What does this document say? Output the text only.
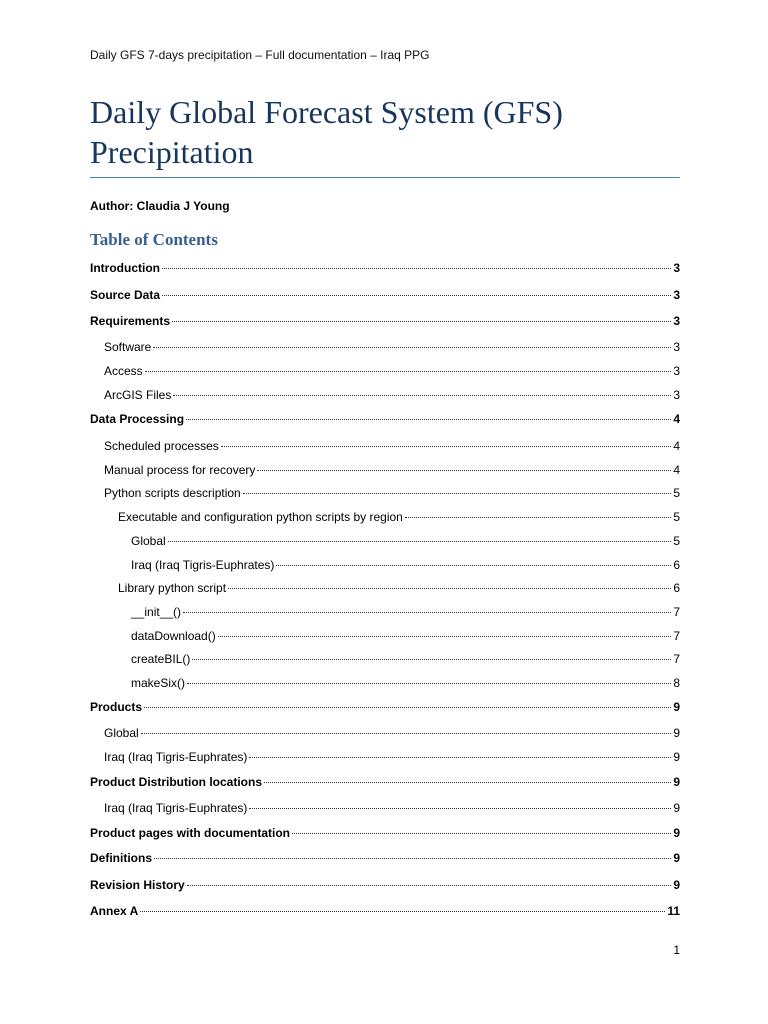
Daily GFS 7-days precipitation – Full documentation – Iraq PPG
Daily Global Forecast System (GFS)
Precipitation
Author: Claudia J Young
Table of Contents
Introduction	3
Source Data	3
Requirements	3
Software	3
Access	3
ArcGIS Files	3
Data Processing	4
Scheduled processes	4
Manual process for recovery	4
Python scripts description	5
Executable and configuration python scripts by region	5
Global	5
Iraq (Iraq Tigris-Euphrates)	6
Library python script	6
__init__()	7
dataDownload()	7
createBIL()	7
makeSix()	8
Products	9
Global	9
Iraq (Iraq Tigris-Euphrates)	9
Product Distribution locations	9
Iraq (Iraq Tigris-Euphrates)	9
Product pages with documentation	9
Definitions	9
Revision History	9
Annex A	11
1
